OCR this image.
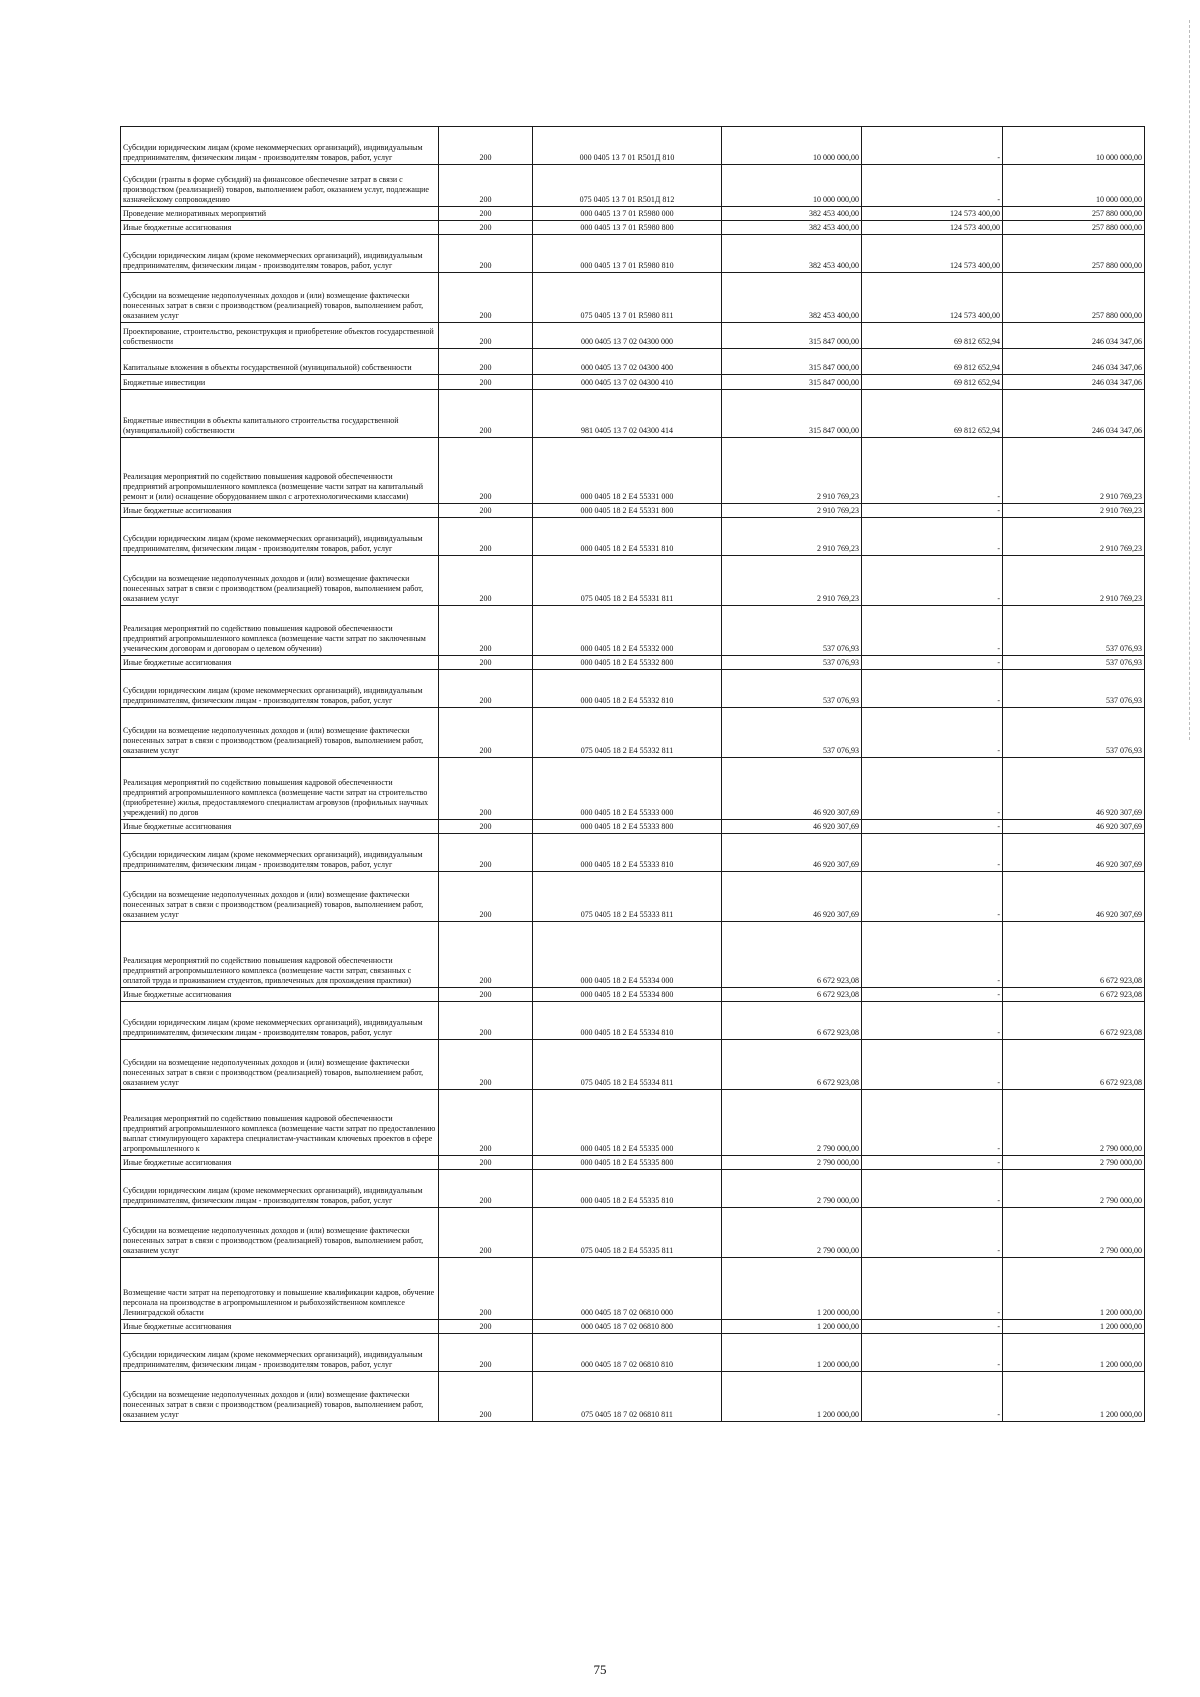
Субсидии юридическим лицам (кроме некоммерческих организаций), индивидуальным предпринимателям, физическим лицам - производителям товаров, работ, услуг	200	000 0405 13 7 01 R501Д 810	10 000 000,00	-	10 000 000,00
Субсидии (гранты в форме субсидий) на финансовое обеспечение затрат в связи с производством (реализацией) товаров, выполнением работ, оказанием услуг, подлежащие казначейскому сопровождению	200	075 0405 13 7 01 R501Д 812	10 000 000,00	-	10 000 000,00
Проведение мелиоративных мероприятий	200	000 0405 13 7 01 R5980 000	382 453 400,00	124 573 400,00	257 880 000,00
Иные бюджетные ассигнования	200	000 0405 13 7 01 R5980 800	382 453 400,00	124 573 400,00	257 880 000,00
Субсидии юридическим лицам (кроме некоммерческих организаций), индивидуальным предпринимателям, физическим лицам - производителям товаров, работ, услуг	200	000 0405 13 7 01 R5980 810	382 453 400,00	124 573 400,00	257 880 000,00
Субсидии на возмещение недополученных доходов и (или) возмещение фактически понесенных затрат в связи с производством (реализацией) товаров, выполнением работ, оказанием услуг	200	075 0405 13 7 01 R5980 811	382 453 400,00	124 573 400,00	257 880 000,00
Проектирование, строительство, реконструкция и приобретение объектов государственной собственности	200	000 0405 13 7 02 04300 000	315 847 000,00	69 812 652,94	246 034 347,06
Капитальные вложения в объекты государственной (муниципальной) собственности	200	000 0405 13 7 02 04300 400	315 847 000,00	69 812 652,94	246 034 347,06
Бюджетные инвестиции	200	000 0405 13 7 02 04300 410	315 847 000,00	69 812 652,94	246 034 347,06
Бюджетные инвестиции в объекты капитального строительства государственной (муниципальной) собственности	200	981 0405 13 7 02 04300 414	315 847 000,00	69 812 652,94	246 034 347,06
Реализация мероприятий по содействию повышения кадровой обеспеченности предприятий агропромышленного комплекса (возмещение части затрат на капитальный ремонт и (или) оснащение оборудованием школ с агротехнологическими классами)	200	000 0405 18 2 Е4 55331 000	2 910 769,23	-	2 910 769,23
Иные бюджетные ассигнования	200	000 0405 18 2 Е4 55331 800	2 910 769,23	-	2 910 769,23
Субсидии юридическим лицам (кроме некоммерческих организаций), индивидуальным предпринимателям, физическим лицам - производителям товаров, работ, услуг	200	000 0405 18 2 Е4 55331 810	2 910 769,23	-	2 910 769,23
Субсидии на возмещение недополученных доходов и (или) возмещение фактически понесенных затрат в связи с производством (реализацией) товаров, выполнением работ, оказанием услуг	200	075 0405 18 2 Е4 55331 811	2 910 769,23	-	2 910 769,23
Реализация мероприятий по содействию повышения кадровой обеспеченности предприятий агропромышленного комплекса (возмещение части затрат по заключенным ученическим договорам и договорам о целевом обучении)	200	000 0405 18 2 Е4 55332 000	537 076,93	-	537 076,93
Иные бюджетные ассигнования	200	000 0405 18 2 Е4 55332 800	537 076,93	-	537 076,93
Субсидии юридическим лицам (кроме некоммерческих организаций), индивидуальным предпринимателям, физическим лицам - производителям товаров, работ, услуг	200	000 0405 18 2 Е4 55332 810	537 076,93	-	537 076,93
Субсидии на возмещение недополученных доходов и (или) возмещение фактически понесенных затрат в связи с производством (реализацией) товаров, выполнением работ, оказанием услуг	200	075 0405 18 2 Е4 55332 811	537 076,93	-	537 076,93
Реализация мероприятий по содействию повышения кадровой обеспеченности предприятий агропромышленного комплекса (возмещение части затрат на строительство (приобретение) жилья, предоставляемого специалистам агровузов (профильных научных учреждений) по догов	200	000 0405 18 2 Е4 55333 000	46 920 307,69	-	46 920 307,69
Иные бюджетные ассигнования	200	000 0405 18 2 Е4 55333 800	46 920 307,69	-	46 920 307,69
Субсидии юридическим лицам (кроме некоммерческих организаций), индивидуальным предпринимателям, физическим лицам - производителям товаров, работ, услуг	200	000 0405 18 2 Е4 55333 810	46 920 307,69	-	46 920 307,69
Субсидии на возмещение недополученных доходов и (или) возмещение фактически понесенных затрат в связи с производством (реализацией) товаров, выполнением работ, оказанием услуг	200	075 0405 18 2 Е4 55333 811	46 920 307,69	-	46 920 307,69
Реализация мероприятий по содействию повышения кадровой обеспеченности предприятий агропромышленного комплекса (возмещение части затрат, связанных с оплатой труда и проживанием студентов, привлеченных для прохождения практики)	200	000 0405 18 2 Е4 55334 000	6 672 923,08	-	6 672 923,08
Иные бюджетные ассигнования	200	000 0405 18 2 Е4 55334 800	6 672 923,08	-	6 672 923,08
Субсидии юридическим лицам (кроме некоммерческих организаций), индивидуальным предпринимателям, физическим лицам - производителям товаров, работ, услуг	200	000 0405 18 2 Е4 55334 810	6 672 923,08	-	6 672 923,08
Субсидии на возмещение недополученных доходов и (или) возмещение фактически понесенных затрат в связи с производством (реализацией) товаров, выполнением работ, оказанием услуг	200	075 0405 18 2 Е4 55334 811	6 672 923,08	-	6 672 923,08
Реализация мероприятий по содействию повышения кадровой обеспеченности предприятий агропромышленного комплекса (возмещение части затрат по предоставлению выплат стимулирующего характера специалистам-участникам ключевых проектов в сфере агропромышленного к	200	000 0405 18 2 Е4 55335 000	2 790 000,00	-	2 790 000,00
Иные бюджетные ассигнования	200	000 0405 18 2 Е4 55335 800	2 790 000,00	-	2 790 000,00
Субсидии юридическим лицам (кроме некоммерческих организаций), индивидуальным предпринимателям, физическим лицам - производителям товаров, работ, услуг	200	000 0405 18 2 Е4 55335 810	2 790 000,00	-	2 790 000,00
Субсидии на возмещение недополученных доходов и (или) возмещение фактически понесенных затрат в связи с производством (реализацией) товаров, выполнением работ, оказанием услуг	200	075 0405 18 2 Е4 55335 811	2 790 000,00	-	2 790 000,00
Возмещение части затрат на переподготовку и повышение квалификации кадров, обучение персонала на производстве в агропромышленном и рыбохозяйственном комплексе Ленинградской области	200	000 0405 18 7 02 06810 000	1 200 000,00	-	1 200 000,00
Иные бюджетные ассигнования	200	000 0405 18 7 02 06810 800	1 200 000,00	-	1 200 000,00
Субсидии юридическим лицам (кроме некоммерческих организаций), индивидуальным предпринимателям, физическим лицам - производителям товаров, работ, услуг	200	000 0405 18 7 02 06810 810	1 200 000,00	-	1 200 000,00
Субсидии на возмещение недополученных доходов и (или) возмещение фактически понесенных затрат в связи с производством (реализацией) товаров, выполнением работ, оказанием услуг	200	075 0405 18 7 02 06810 811	1 200 000,00	-	1 200 000,00
75
